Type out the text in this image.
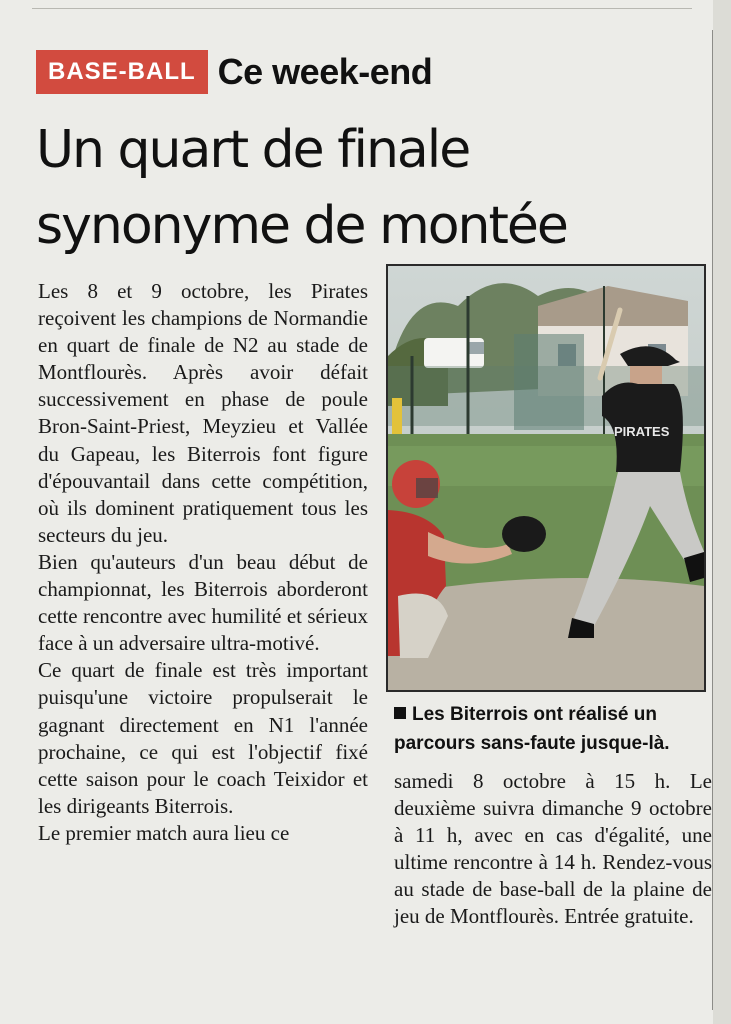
BASE-BALL Ce week-end
Un quart de finale
synonyme de montée

Les 8 et 9 octobre, les Pirates reçoivent les champions de Normandie en quart de finale de N2 au stade de Montflourès. Après avoir défait successivement en phase de poule Bron-Saint-Priest, Meyzieu et Vallée du Gapeau, les Biterrois font figure d'épouvantail dans cette compétition, où ils dominent pratiquement tous les secteurs du jeu.

Bien qu'auteurs d'un beau début de championnat, les Biterrois aborderont cette rencontre avec humilité et sérieux face à un adversaire ultra-motivé.

Ce quart de finale est très important puisqu'une victoire propulserait le gagnant directement en N1 l'année prochaine, ce qui est l'objectif fixé cette saison pour le coach Teixidor et les dirigeants Biterrois.

Le premier match aura lieu ce

PIRATES
Les Biterrois ont réalisé un parcours sans-faute jusque-là.

samedi 8 octobre à 15 h. Le deuxième suivra dimanche 9 octobre à 11 h, avec en cas d'égalité, une ultime rencontre à 14 h. Rendez-vous au stade de base-ball de la plaine de jeu de Montflourès. Entrée gratuite.
